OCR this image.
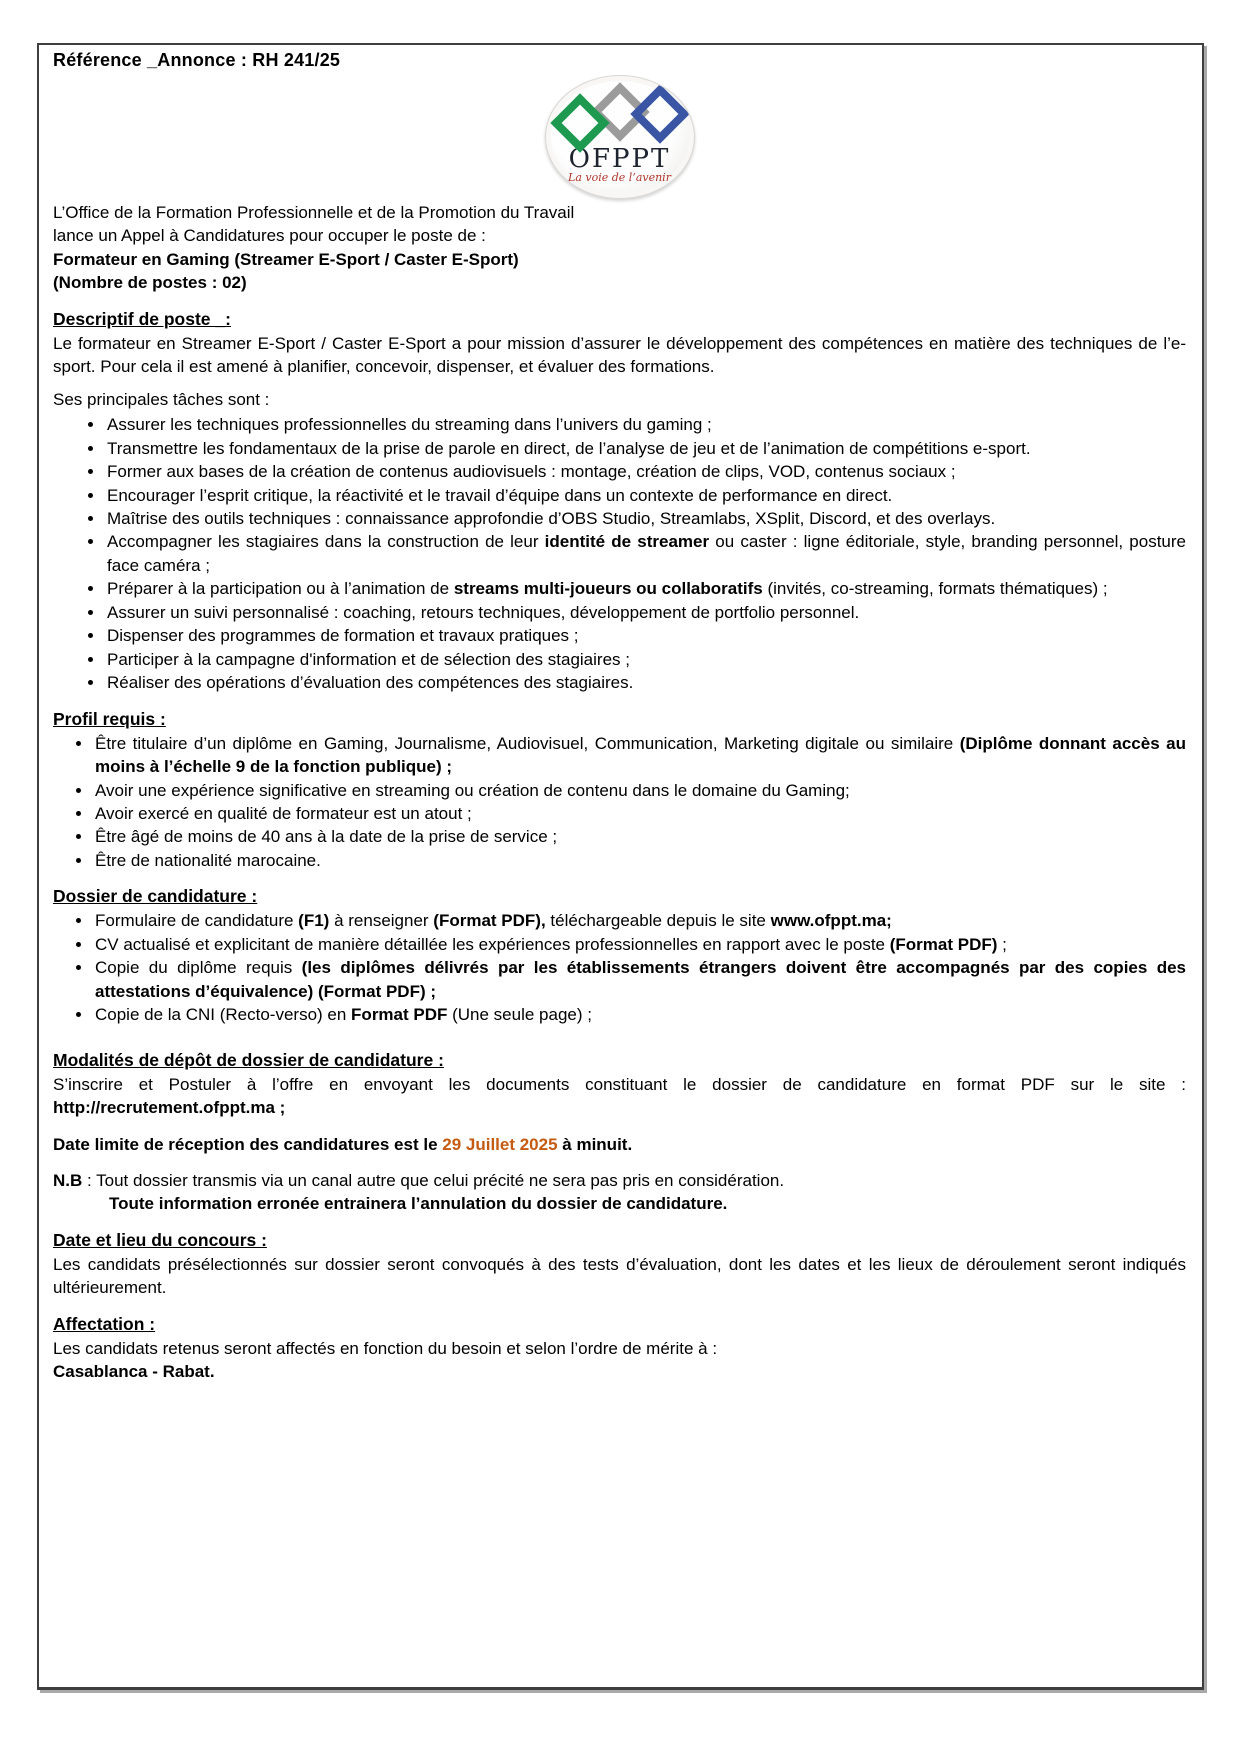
Référence _Annonce : RH 241/25
OFPPT
La voie de l’avenir

L’Office de la Formation Professionnelle et de la Promotion du Travail
lance un Appel à Candidatures pour occuper le poste de :

Formateur en Gaming (Streamer E-Sport / Caster E-Sport)
(Nombre de postes : 02)

Descriptif de poste _:

Le formateur en Streamer E-Sport / Caster E-Sport a pour mission d’assurer le développement des compétences en matière des techniques de l’e-sport. Pour cela il est amené à planifier, concevoir, dispenser, et évaluer des formations.

Ses principales tâches sont :

• Assurer les techniques professionnelles du streaming dans l’univers du gaming ;
• Transmettre les fondamentaux de la prise de parole en direct, de l’analyse de jeu et de l’animation de compétitions e-sport.
• Former aux bases de la création de contenus audiovisuels : montage, création de clips, VOD, contenus sociaux ;
• Encourager l’esprit critique, la réactivité et le travail d’équipe dans un contexte de performance en direct.
• Maîtrise des outils techniques : connaissance approfondie d’OBS Studio, Streamlabs, XSplit, Discord, et des overlays.
• Accompagner les stagiaires dans la construction de leur identité de streamer ou caster : ligne éditoriale, style, branding personnel, posture face caméra ;
• Préparer à la participation ou à l’animation de streams multi-joueurs ou collaboratifs (invités, co-streaming, formats thématiques) ;
• Assurer un suivi personnalisé : coaching, retours techniques, développement de portfolio personnel.
• Dispenser des programmes de formation et travaux pratiques ;
• Participer à la campagne d'information et de sélection des stagiaires ;
• Réaliser des opérations d’évaluation des compétences des stagiaires.
Profil requis :
• Être titulaire d’un diplôme en Gaming, Journalisme, Audiovisuel, Communication, Marketing digitale ou similaire (Diplôme donnant accès au moins à l’échelle 9 de la fonction publique) ;
• Avoir une expérience significative en streaming ou création de contenu dans le domaine du Gaming;
• Avoir exercé en qualité de formateur est un atout ;
• Être âgé de moins de 40 ans à la date de la prise de service ;
• Être de nationalité marocaine.
Dossier de candidature :
• Formulaire de candidature (F1) à renseigner (Format PDF), téléchargeable depuis le site www.ofppt.ma;
• CV actualisé et explicitant de manière détaillée les expériences professionnelles en rapport avec le poste (Format PDF) ;
• Copie du diplôme requis (les diplômes délivrés par les établissements étrangers doivent être accompagnés par des copies des attestations d’équivalence) (Format PDF) ;
• Copie de la CNI (Recto-verso) en Format PDF (Une seule page) ;
Modalités de dépôt de dossier de candidature :

S’inscrire et Postuler à l’offre en envoyant les documents constituant le dossier de candidature en format PDF sur le site : http://recrutement.ofppt.ma ;

Date limite de réception des candidatures est le 29 Juillet 2025 à minuit.

N.B : Tout dossier transmis via un canal autre que celui précité ne sera pas pris en considération.

Toute information erronée entrainera l’annulation du dossier de candidature.

Date et lieu du concours :

Les candidats présélectionnés sur dossier seront convoqués à des tests d’évaluation, dont les dates et les lieux de déroulement seront indiqués ultérieurement.

Affectation :

Les candidats retenus seront affectés en fonction du besoin et selon l’ordre de mérite à :

Casablanca - Rabat.
